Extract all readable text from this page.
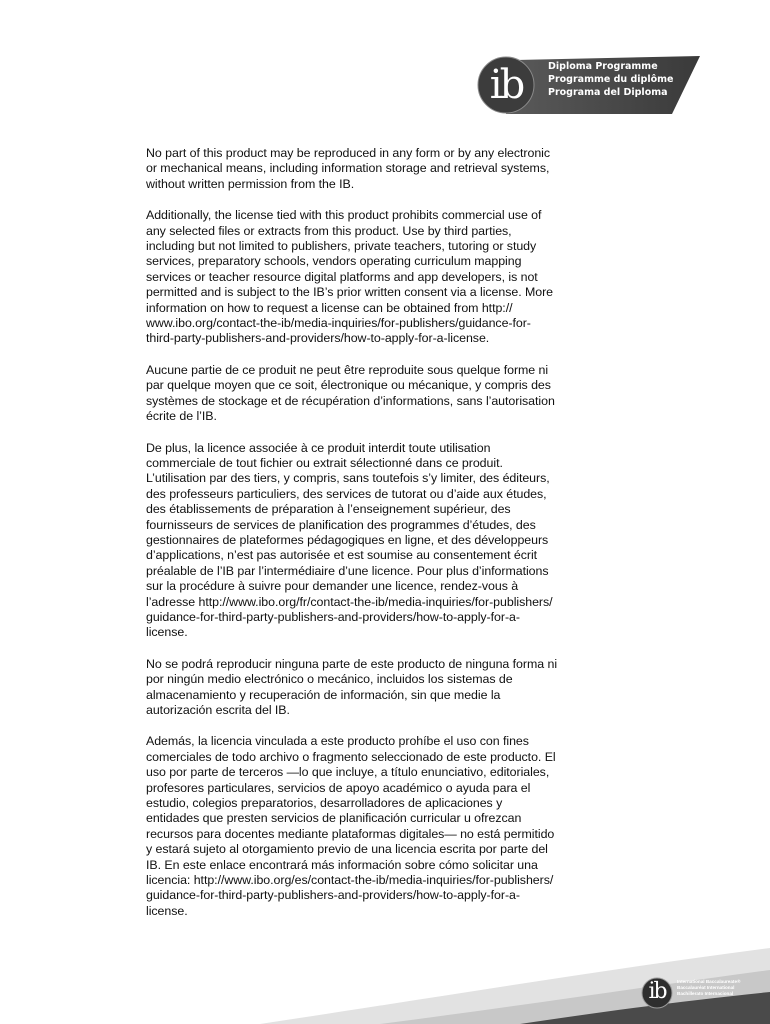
ib	Diploma Programme
Programme du diplôme
Programa del Diploma

No part of this product may be reproduced in any form or by any electronic
or mechanical means, including information storage and retrieval systems,
without written permission from the IB.

Additionally, the license tied with this product prohibits commercial use of
any selected files or extracts from this product. Use by third parties,
including but not limited to publishers, private teachers, tutoring or study
services, preparatory schools, vendors operating curriculum mapping
services or teacher resource digital platforms and app developers, is not
permitted and is subject to the IB’s prior written consent via a license. More
information on how to request a license can be obtained from http://
www.ibo.org/contact-the-ib/media-inquiries/for-publishers/guidance-for-
third-party-publishers-and-providers/how-to-apply-for-a-license.

Aucune partie de ce produit ne peut être reproduite sous quelque forme ni
par quelque moyen que ce soit, électronique ou mécanique, y compris des
systèmes de stockage et de récupération d’informations, sans l’autorisation
écrite de l’IB.

De plus, la licence associée à ce produit interdit toute utilisation
commerciale de tout fichier ou extrait sélectionné dans ce produit.
L’utilisation par des tiers, y compris, sans toutefois s’y limiter, des éditeurs,
des professeurs particuliers, des services de tutorat ou d’aide aux études,
des établissements de préparation à l’enseignement supérieur, des
fournisseurs de services de planification des programmes d’études, des
gestionnaires de plateformes pédagogiques en ligne, et des développeurs
d’applications, n’est pas autorisée et est soumise au consentement écrit
préalable de l’IB par l’intermédiaire d’une licence. Pour plus d’informations
sur la procédure à suivre pour demander une licence, rendez-vous à
l’adresse http://www.ibo.org/fr/contact-the-ib/media-inquiries/for-publishers/
guidance-for-third-party-publishers-and-providers/how-to-apply-for-a-
license.

No se podrá reproducir ninguna parte de este producto de ninguna forma ni
por ningún medio electrónico o mecánico, incluidos los sistemas de
almacenamiento y recuperación de información, sin que medie la
autorización escrita del IB.

Además, la licencia vinculada a este producto prohíbe el uso con fines
comerciales de todo archivo o fragmento seleccionado de este producto. El
uso por parte de terceros —lo que incluye, a título enunciativo, editoriales,
profesores particulares, servicios de apoyo académico o ayuda para el
estudio, colegios preparatorios, desarrolladores de aplicaciones y
entidades que presten servicios de planificación curricular u ofrezcan
recursos para docentes mediante plataformas digitales— no está permitido
y estará sujeto al otorgamiento previo de una licencia escrita por parte del
IB. En este enlace encontrará más información sobre cómo solicitar una
licencia: http://www.ibo.org/es/contact-the-ib/media-inquiries/for-publishers/
guidance-for-third-party-publishers-and-providers/how-to-apply-for-a-
license.

ib	International Baccalaureate®
Baccalauréat International
Bachillerato Internacional
